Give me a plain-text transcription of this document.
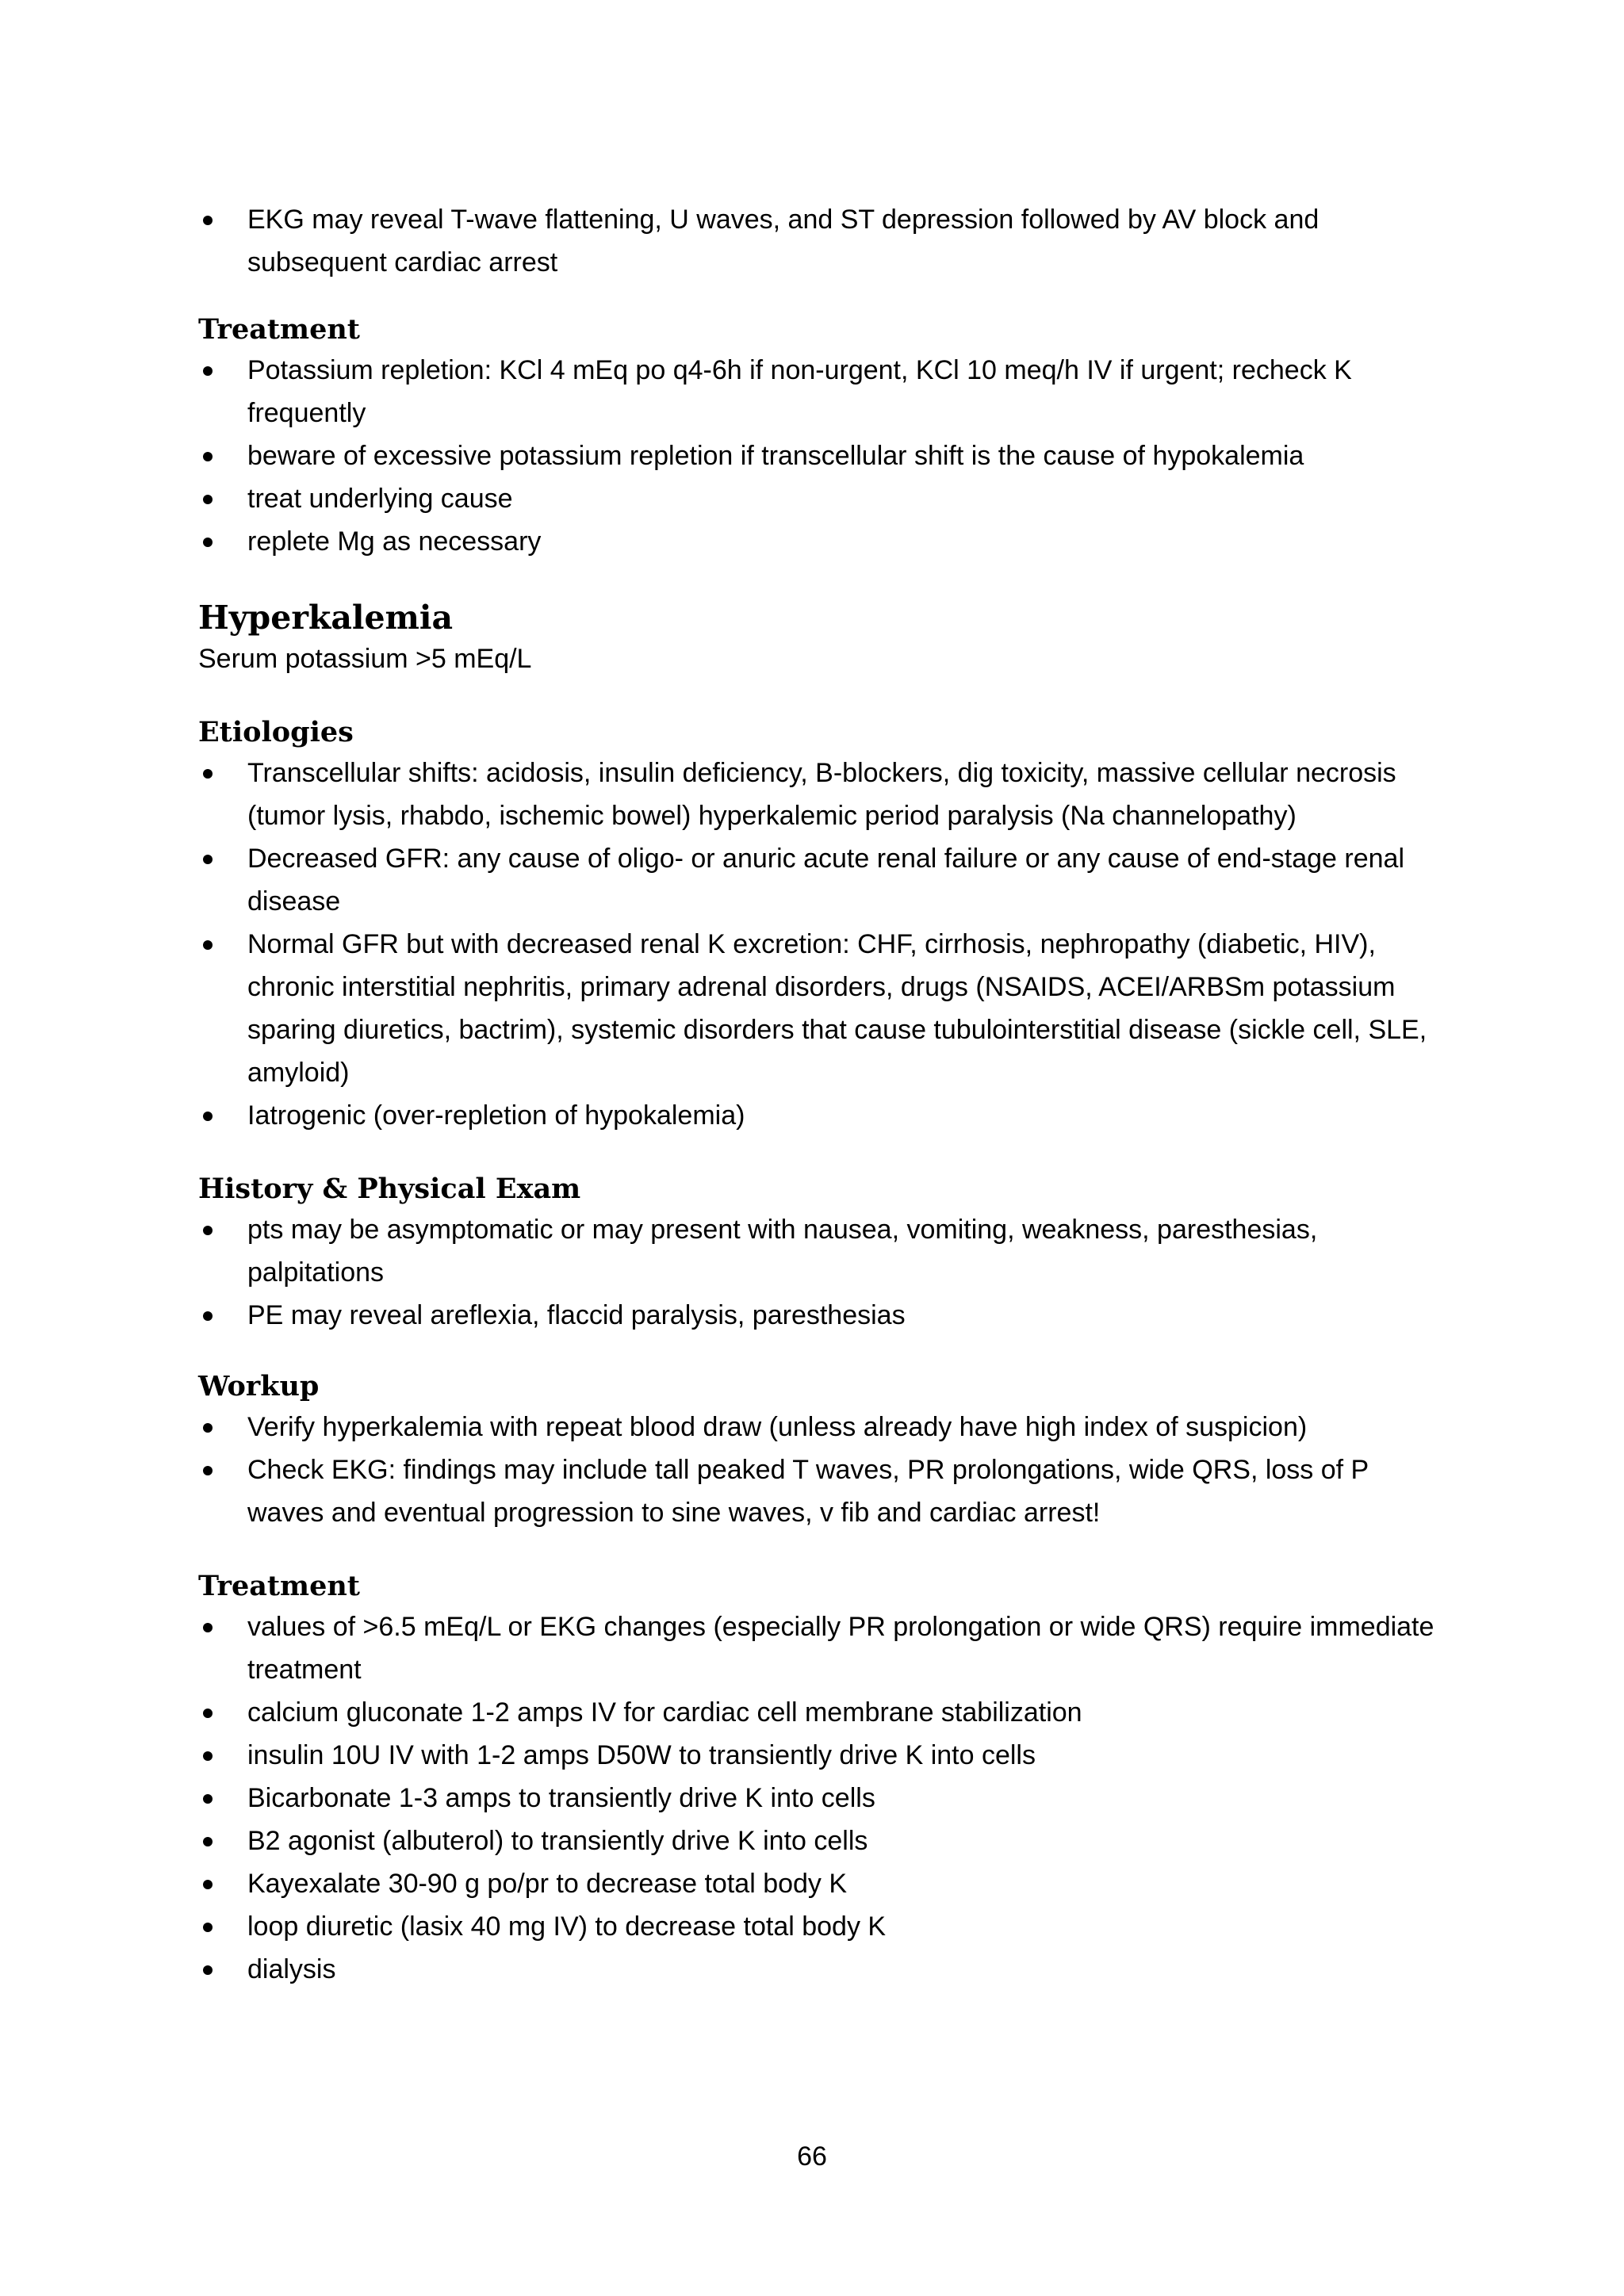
EKG may reveal T-wave flattening, U waves, and ST depression followed by AV block and subsequent cardiac arrest
Treatment
Potassium repletion: KCl 4 mEq po q4-6h if non-urgent, KCl 10 meq/h IV if urgent; recheck K frequently
beware of excessive potassium repletion if transcellular shift is the cause of hypokalemia
treat underlying cause
replete Mg as necessary
Hyperkalemia

Serum potassium >5 mEq/L

Etiologies
Transcellular shifts: acidosis, insulin deficiency, B-blockers, dig toxicity, massive cellular necrosis (tumor lysis, rhabdo, ischemic bowel) hyperkalemic period paralysis (Na channelopathy)
Decreased GFR: any cause of oligo- or anuric acute renal failure or any cause of end-stage renal disease
Normal GFR but with decreased renal K excretion: CHF, cirrhosis, nephropathy (diabetic, HIV), chronic interstitial nephritis, primary adrenal disorders, drugs (NSAIDS, ACEI/ARBSm potassium sparing diuretics, bactrim), systemic disorders that cause tubulointerstitial disease (sickle cell, SLE, amyloid)
Iatrogenic (over-repletion of hypokalemia)
History & Physical Exam
pts may be asymptomatic or may present with nausea, vomiting, weakness, paresthesias, palpitations
PE may reveal areflexia, flaccid paralysis, paresthesias
Workup
Verify hyperkalemia with repeat blood draw (unless already have high index of suspicion)
Check EKG: findings may include tall peaked T waves, PR prolongations, wide QRS, loss of P waves and eventual progression to sine waves, v fib and cardiac arrest!
Treatment
values of >6.5 mEq/L or EKG changes (especially PR prolongation or wide QRS) require immediate treatment
calcium gluconate 1-2 amps IV for cardiac cell membrane stabilization
insulin 10U IV with 1-2 amps D50W to transiently drive K into cells
Bicarbonate 1-3 amps to transiently drive K into cells
B2 agonist (albuterol) to transiently drive K into cells
Kayexalate 30-90 g po/pr to decrease total body K
loop diuretic (lasix 40 mg IV) to decrease total body K
dialysis
66
